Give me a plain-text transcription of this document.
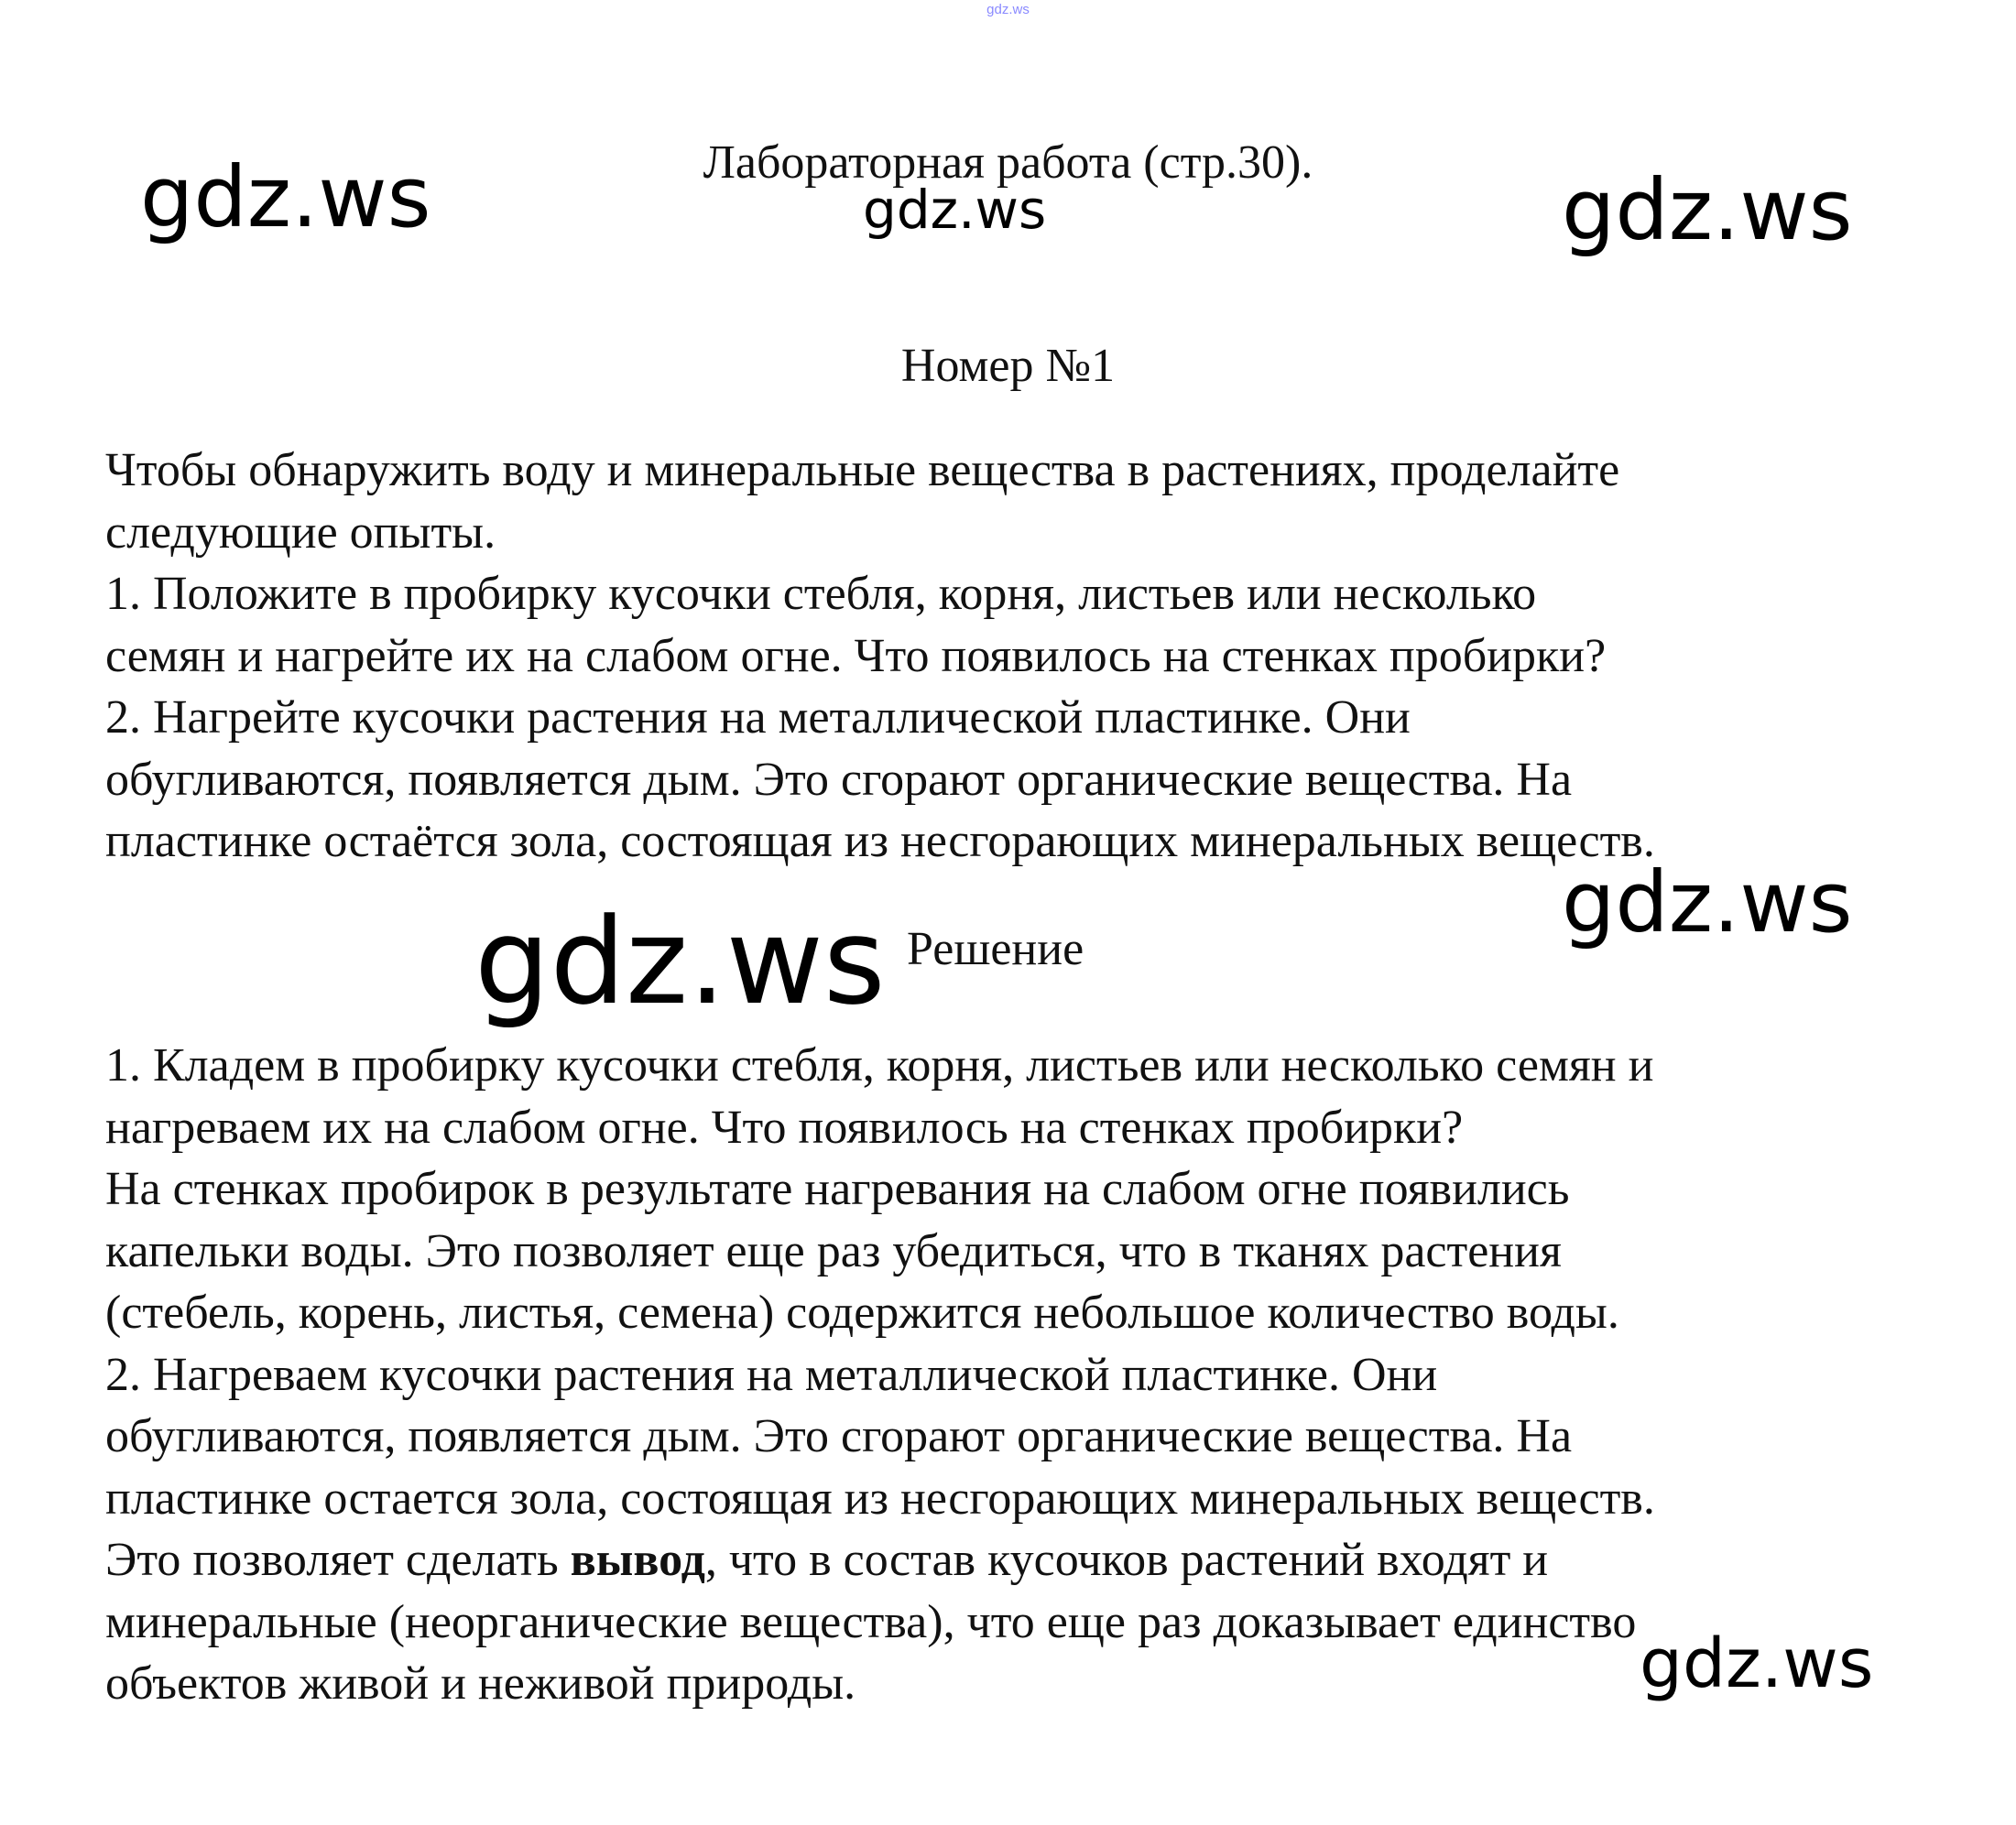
gdz.ws
Лабораторная работа (стр.30).
gdz.ws	gdz.ws	gdz.ws
Номер №1
Чтобы обнаружить воду и минеральные вещества в растениях, проделайте
следующие опыты.
1. Положите в пробирку кусочки стебля, корня, листьев или несколько
семян и нагрейте их на слабом огне. Что появилось на стенках пробирки?
2. Нагрейте кусочки растения на металлической пластинке. Они
обугливаются, появляется дым. Это сгорают органические вещества. На
пластинке остаётся зола, состоящая из несгорающих минеральных веществ.
gdz.ws
gdz.ws Решение
1. Кладем в пробирку кусочки стебля, корня, листьев или несколько семян и
нагреваем их на слабом огне. Что появилось на стенках пробирки?
На стенках пробирок в результате нагревания на слабом огне появились
капельки воды. Это позволяет еще раз убедиться, что в тканях растения
(стебель, корень, листья, семена) содержится небольшое количество воды.
2. Нагреваем кусочки растения на металлической пластинке. Они
обугливаются, появляется дым. Это сгорают органические вещества. На
пластинке остается зола, состоящая из несгорающих минеральных веществ.
Это позволяет сделать вывод, что в состав кусочков растений входят и
минеральные (неорганические вещества), что еще раз доказывает единство
объектов живой и неживой природы.	gdz.ws
